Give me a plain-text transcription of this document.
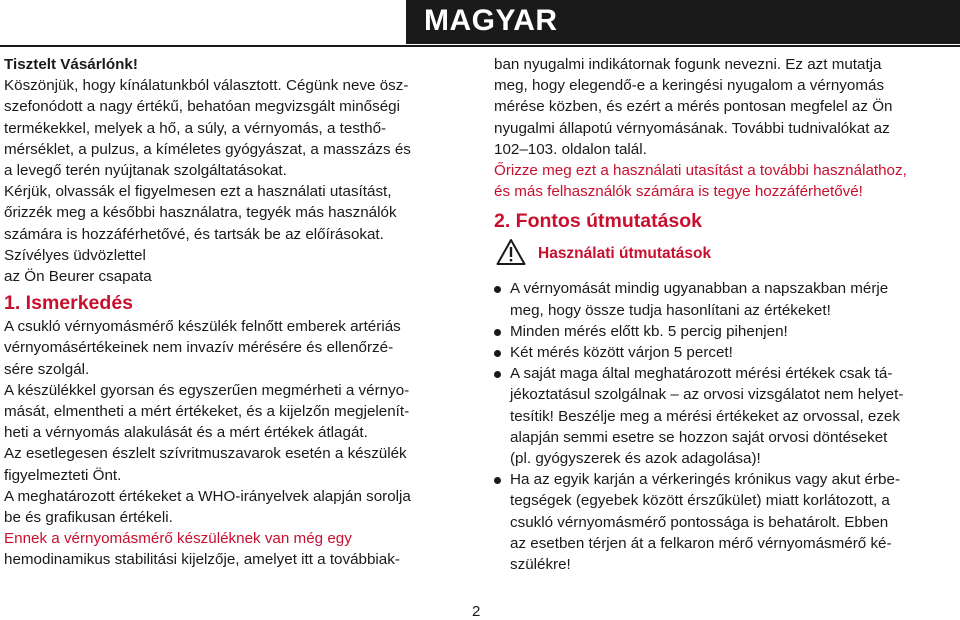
MAGYAR
Tisztelt Vásárlónk!
Köszönjük, hogy kínálatunkból választott. Cégünk neve ösz-
szefonódott a nagy értékű, behatóan megvizsgált minőségi
termékekkel, melyek a hő, a súly, a vérnyomás, a testhő-
mérséklet, a pulzus, a kíméletes gyógyászat, a masszázs és
a levegő terén nyújtanak szolgáltatásokat.
Kérjük, olvassák el figyelmesen ezt a használati utasítást,
őrizzék meg a későbbi használatra, tegyék más használók
számára is hozzáférhetővé, és tartsák be az előírásokat.
Szívélyes üdvözlettel
az Ön Beurer csapata
1. Ismerkedés
A csukló vérnyomásmérő készülék felnőtt emberek artériás
vérnyomásértékeinek nem invazív mérésére és ellenőrzé-
sére szolgál.
A készülékkel gyorsan és egyszerűen megmérheti a vérnyo-
mását, elmentheti a mért értékeket, és a kijelzőn megjelenít-
heti a vérnyomás alakulását és a mért értékek átlagát.
Az esetlegesen észlelt szívritmuszavarok esetén a készülék
figyelmezteti Önt.
A meghatározott értékeket a WHO-irányelvek alapján sorolja
be és grafikusan értékeli.
Ennek a vérnyomásmérő készüléknek van még egy
hemodinamikus stabilitási kijelzője, amelyet itt a továbbiak-
ban nyugalmi indikátornak fogunk nevezni. Ez azt mutatja
meg, hogy elegendő-e a keringési nyugalom a vérnyomás
mérése közben, és ezért a mérés pontosan megfelel az Ön
nyugalmi állapotú vérnyomásának. További tudnivalókat az
102–103. oldalon talál.
Őrizze meg ezt a használati utasítást a további használathoz,
és más felhasználók számára is tegye hozzáférhetővé!
2. Fontos útmutatások
Használati útmutatások
A vérnyomását mindig ugyanabban a napszakban mérje
meg, hogy össze tudja hasonlítani az értékeket!
Minden mérés előtt kb. 5 percig pihenjen!
Két mérés között várjon 5 percet!
A saját maga által meghatározott mérési értékek csak tá-
jékoztatásul szolgálnak – az orvosi vizsgálatot nem helyet-
tesítik! Beszélje meg a mérési értékeket az orvossal, ezek
alapján semmi esetre se hozzon saját orvosi döntéseket
(pl. gyógyszerek és azok adagolása)!
Ha az egyik karján a vérkeringés krónikus vagy akut érbe-
tegségek (egyebek között érszűkület) miatt korlátozott, a
csukló vérnyomásmérő pontossága is behatárolt. Ebben
az esetben térjen át a felkaron mérő vérnyomásmérő ké-
szülékre!
2
